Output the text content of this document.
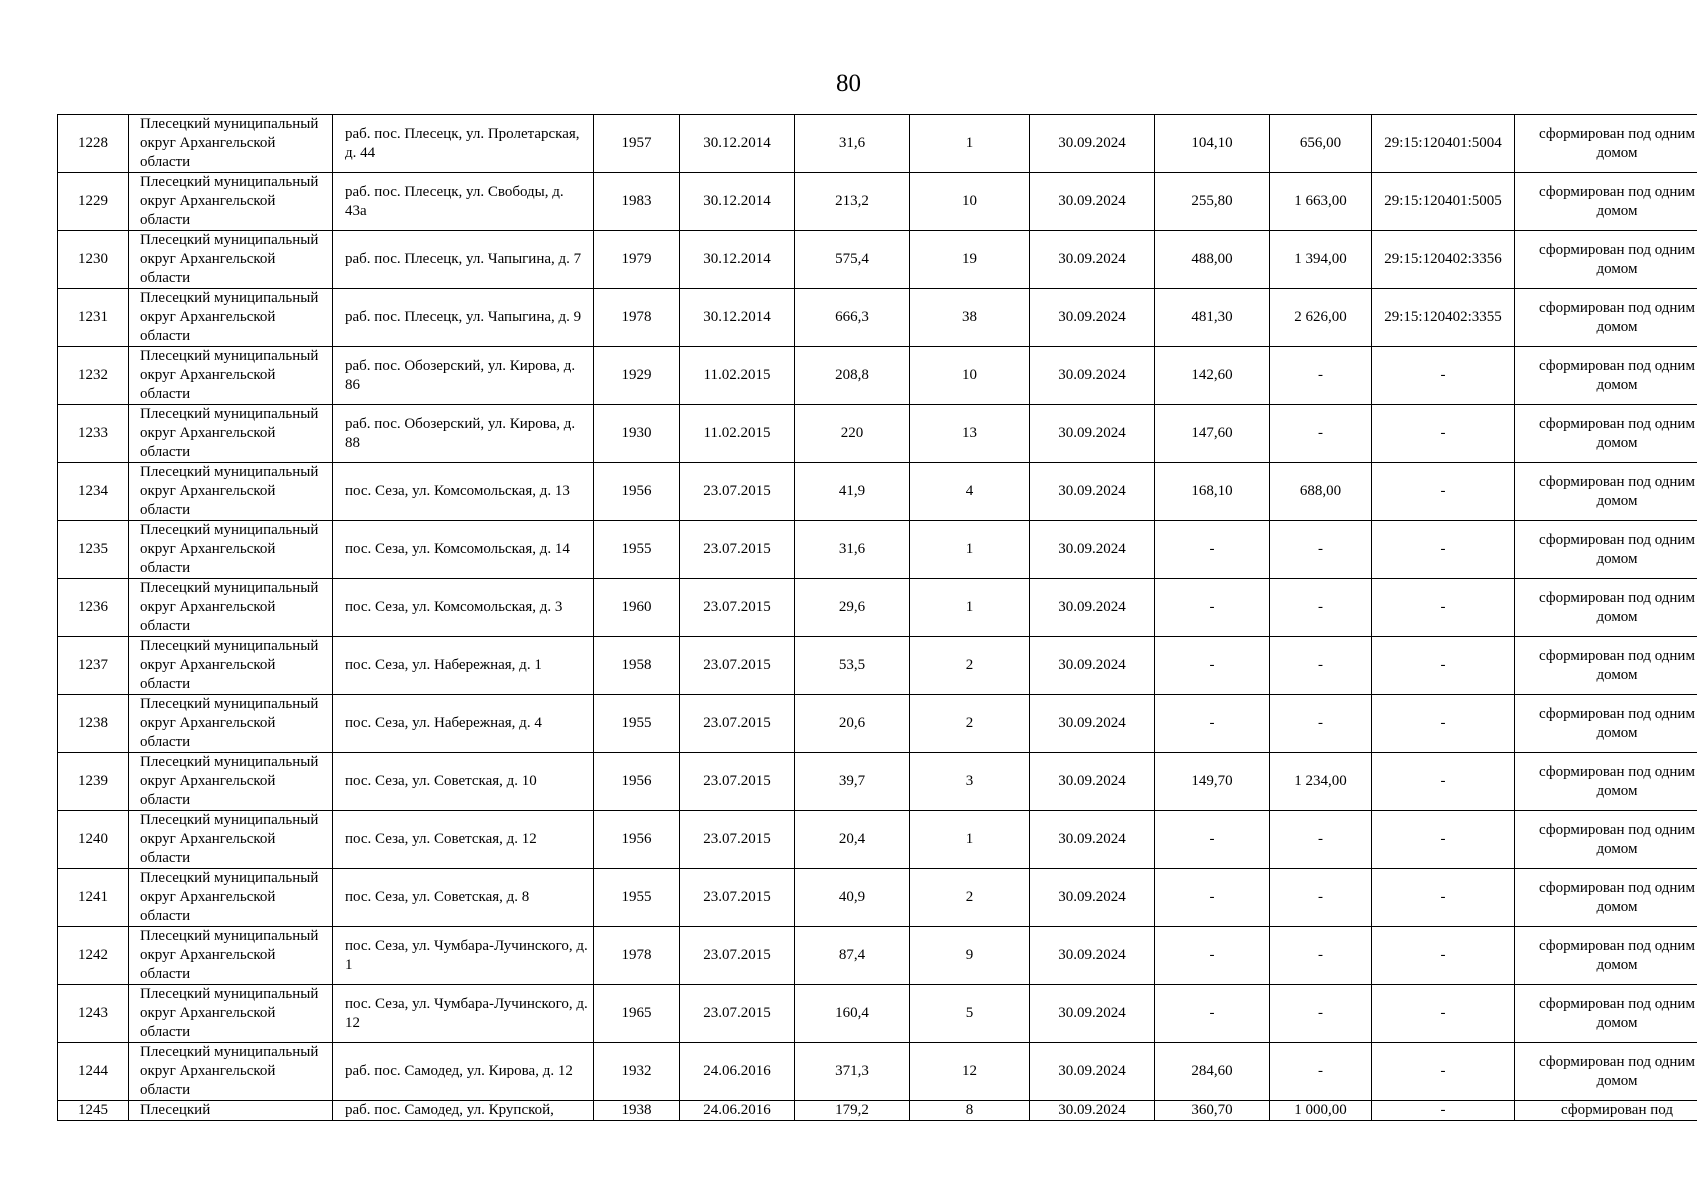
80
1228	Плесецкий муниципальный округ Архангельской области	раб. пос. Плесецк, ул. Пролетарская, д. 44	1957	30.12.2014	31,6	1	30.09.2024	104,10	656,00	29:15:120401:5004	сформирован под одним домом
1229	Плесецкий муниципальный округ Архангельской области	раб. пос. Плесецк, ул. Свободы, д. 43а	1983	30.12.2014	213,2	10	30.09.2024	255,80	1 663,00	29:15:120401:5005	сформирован под одним домом
1230	Плесецкий муниципальный округ Архангельской области	раб. пос. Плесецк, ул. Чапыгина, д. 7	1979	30.12.2014	575,4	19	30.09.2024	488,00	1 394,00	29:15:120402:3356	сформирован под одним домом
1231	Плесецкий муниципальный округ Архангельской области	раб. пос. Плесецк, ул. Чапыгина, д. 9	1978	30.12.2014	666,3	38	30.09.2024	481,30	2 626,00	29:15:120402:3355	сформирован под одним домом
1232	Плесецкий муниципальный округ Архангельской области	раб. пос. Обозерский, ул. Кирова, д. 86	1929	11.02.2015	208,8	10	30.09.2024	142,60	-	-	сформирован под одним домом
1233	Плесецкий муниципальный округ Архангельской области	раб. пос. Обозерский, ул. Кирова, д. 88	1930	11.02.2015	220	13	30.09.2024	147,60	-	-	сформирован под одним домом
1234	Плесецкий муниципальный округ Архангельской области	пос. Сеза, ул. Комсомольская, д. 13	1956	23.07.2015	41,9	4	30.09.2024	168,10	688,00	-	сформирован под одним домом
1235	Плесецкий муниципальный округ Архангельской области	пос. Сеза, ул. Комсомольская, д. 14	1955	23.07.2015	31,6	1	30.09.2024	-	-	-	сформирован под одним домом
1236	Плесецкий муниципальный округ Архангельской области	пос. Сеза, ул. Комсомольская, д. 3	1960	23.07.2015	29,6	1	30.09.2024	-	-	-	сформирован под одним домом
1237	Плесецкий муниципальный округ Архангельской области	пос. Сеза, ул. Набережная, д. 1	1958	23.07.2015	53,5	2	30.09.2024	-	-	-	сформирован под одним домом
1238	Плесецкий муниципальный округ Архангельской области	пос. Сеза, ул. Набережная, д. 4	1955	23.07.2015	20,6	2	30.09.2024	-	-	-	сформирован под одним домом
1239	Плесецкий муниципальный округ Архангельской области	пос. Сеза, ул. Советская, д. 10	1956	23.07.2015	39,7	3	30.09.2024	149,70	1 234,00	-	сформирован под одним домом
1240	Плесецкий муниципальный округ Архангельской области	пос. Сеза, ул. Советская, д. 12	1956	23.07.2015	20,4	1	30.09.2024	-	-	-	сформирован под одним домом
1241	Плесецкий муниципальный округ Архангельской области	пос. Сеза, ул. Советская, д. 8	1955	23.07.2015	40,9	2	30.09.2024	-	-	-	сформирован под одним домом
1242	Плесецкий муниципальный округ Архангельской области	пос. Сеза, ул. Чумбара-Лучинского, д. 1	1978	23.07.2015	87,4	9	30.09.2024	-	-	-	сформирован под одним домом
1243	Плесецкий муниципальный округ Архангельской области	пос. Сеза, ул. Чумбара-Лучинского, д. 12	1965	23.07.2015	160,4	5	30.09.2024	-	-	-	сформирован под одним домом
1244	Плесецкий муниципальный округ Архангельской области	раб. пос. Самодед, ул. Кирова, д. 12	1932	24.06.2016	371,3	12	30.09.2024	284,60	-	-	сформирован под одним домом
1245	Плесецкий	раб. пос. Самодед, ул. Крупской,	1938	24.06.2016	179,2	8	30.09.2024	360,70	1 000,00	-	сформирован под
